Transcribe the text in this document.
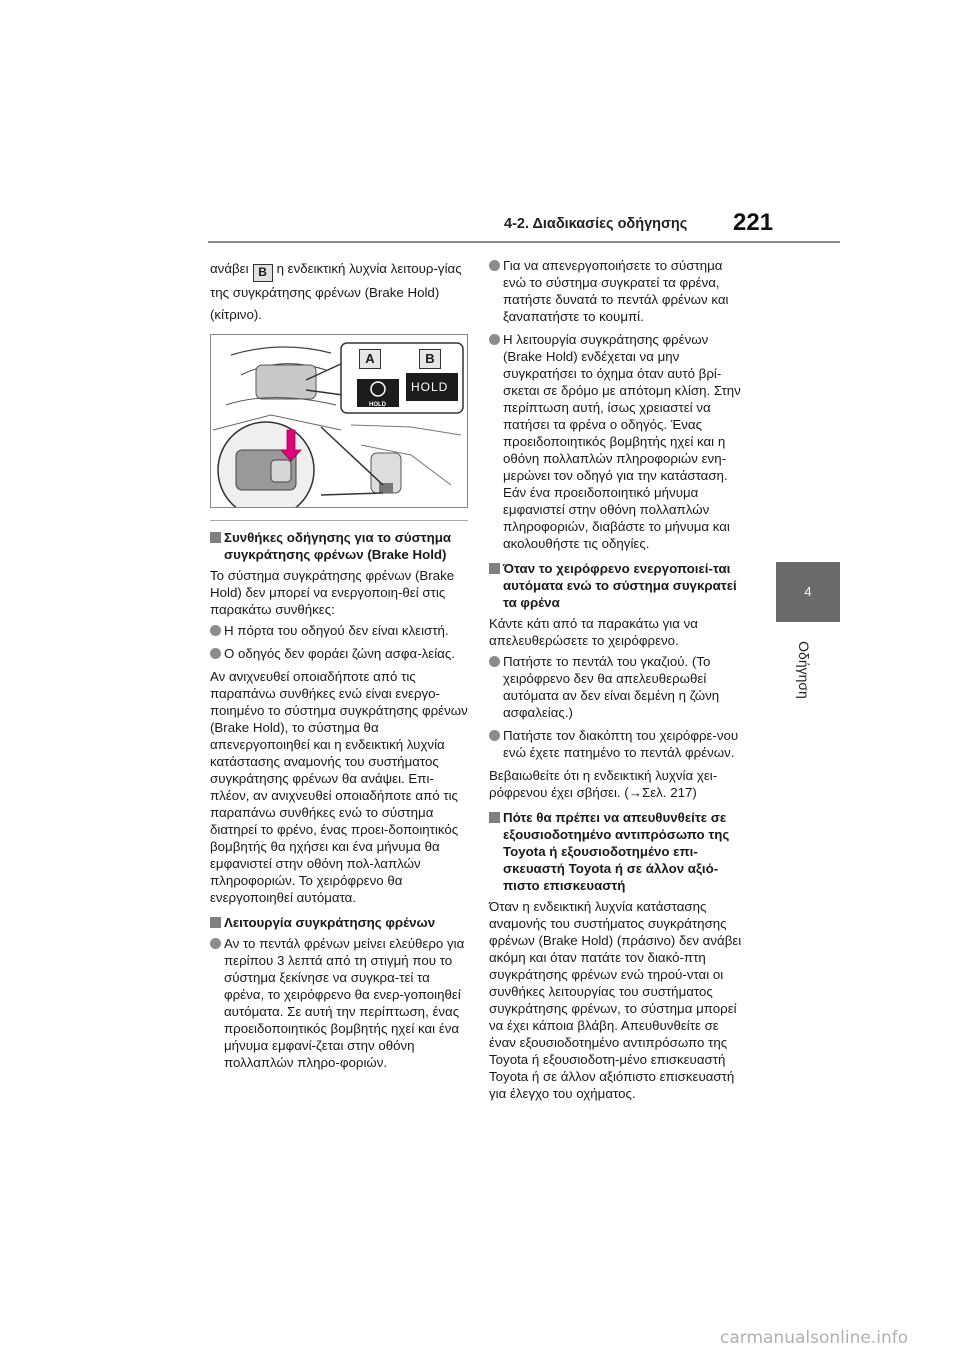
4-2. Διαδικασίες οδήγησης 221
4
Οδήγηση

ανάβει B η ενδεικτική λυχνία λειτουρ-γίας της συγκράτησης φρένων (Brake Hold) (κίτρινο).

A	B
HOLD
HOLD
Συνθήκες οδήγησης για το σύστημα συγκράτησης φρένων (Brake Hold)

Το σύστημα συγκράτησης φρένων (Brake Hold) δεν μπορεί να ενεργοποιη-θεί στις παρακάτω συνθήκες:

Η πόρτα του οδηγού δεν είναι κλειστή.
Ο οδηγός δεν φοράει ζώνη ασφα-λείας.

Αν ανιχνευθεί οποιαδήποτε από τις παραπάνω συνθήκες ενώ είναι ενεργο-ποιημένο το σύστημα συγκράτησης φρένων (Brake Hold), το σύστημα θα απενεργοποιηθεί και η ενδεικτική λυχνία κατάστασης αναμονής του συστήματος συγκράτησης φρένων θα ανάψει. Επι-πλέον, αν ανιχνευθεί οποιαδήποτε από τις παραπάνω συνθήκες ενώ το σύστημα διατηρεί το φρένο, ένας προει-δοποιητικός βομβητής θα ηχήσει και ένα μήνυμα θα εμφανιστεί στην οθόνη πολ-λαπλών πληροφοριών. Το χειρόφρενο θα ενεργοποιηθεί αυτόματα.

Λειτουργία συγκράτησης φρένων
Αν το πεντάλ φρένων μείνει ελεύθερο για περίπου 3 λεπτά από τη στιγμή που το σύστημα ξεκίνησε να συγκρα-τεί τα φρένα, το χειρόφρενο θα ενερ-γοποιηθεί αυτόματα. Σε αυτή την περίπτωση, ένας προειδοποιητικός βομβητής ηχεί και ένα μήνυμα εμφανί-ζεται στην οθόνη πολλαπλών πληρο-φοριών.
Για να απενεργοποιήσετε το σύστημα ενώ το σύστημα συγκρατεί τα φρένα, πατήστε δυνατά το πεντάλ φρένων και ξαναπατήστε το κουμπί.
Η λειτουργία συγκράτησης φρένων (Brake Hold) ενδέχεται να μην συγκρατήσει το όχημα όταν αυτό βρί-σκεται σε δρόμο με απότομη κλίση. Στην περίπτωση αυτή, ίσως χρειαστεί να πατήσει τα φρένα ο οδηγός. Ένας προειδοποιητικός βομβητής ηχεί και η οθόνη πολλαπλών πληροφοριών ενη-μερώνει τον οδηγό για την κατάσταση. Εάν ένα προειδοποιητικό μήνυμα εμφανιστεί στην οθόνη πολλαπλών πληροφοριών, διαβάστε το μήνυμα και ακολουθήστε τις οδηγίες.
Όταν το χειρόφρενο ενεργοποιεί-ται αυτόματα ενώ το σύστημα συγκρατεί τα φρένα

Κάντε κάτι από τα παρακάτω για να απελευθερώσετε το χειρόφρενο.

Πατήστε το πεντάλ του γκαζιού. (Το χειρόφρενο δεν θα απελευθερωθεί αυτόματα αν δεν είναι δεμένη η ζώνη ασφαλείας.)
Πατήστε τον διακόπτη του χειρόφρε-νου ενώ έχετε πατημένο το πεντάλ φρένων.

Βεβαιωθείτε ότι η ενδεικτική λυχνία χει-ρόφρενου έχει σβήσει. (→Σελ. 217)

Πότε θα πρέπει να απευθυνθείτε σε εξουσιοδοτημένο αντιπρόσωπο της Toyota ή εξουσιοδοτημένο επι-σκευαστή Toyota ή σε άλλον αξιό-πιστο επισκευαστή

Όταν η ενδεικτική λυχνία κατάστασης αναμονής του συστήματος συγκράτησης φρένων (Brake Hold) (πράσινο) δεν ανάβει ακόμη και όταν πατάτε τον διακό-πτη συγκράτησης φρένων ενώ τηρού-νται οι συνθήκες λειτουργίας του συστήματος συγκράτησης φρένων, το σύστημα μπορεί να έχει κάποια βλάβη. Απευθυνθείτε σε έναν εξουσιοδοτημένο αντιπρόσωπο της Toyota ή εξουσιοδοτη-μένο επισκευαστή Toyota ή σε άλλον αξιόπιστο επισκευαστή για έλεγχο του οχήματος.

carmanualsonline.info
